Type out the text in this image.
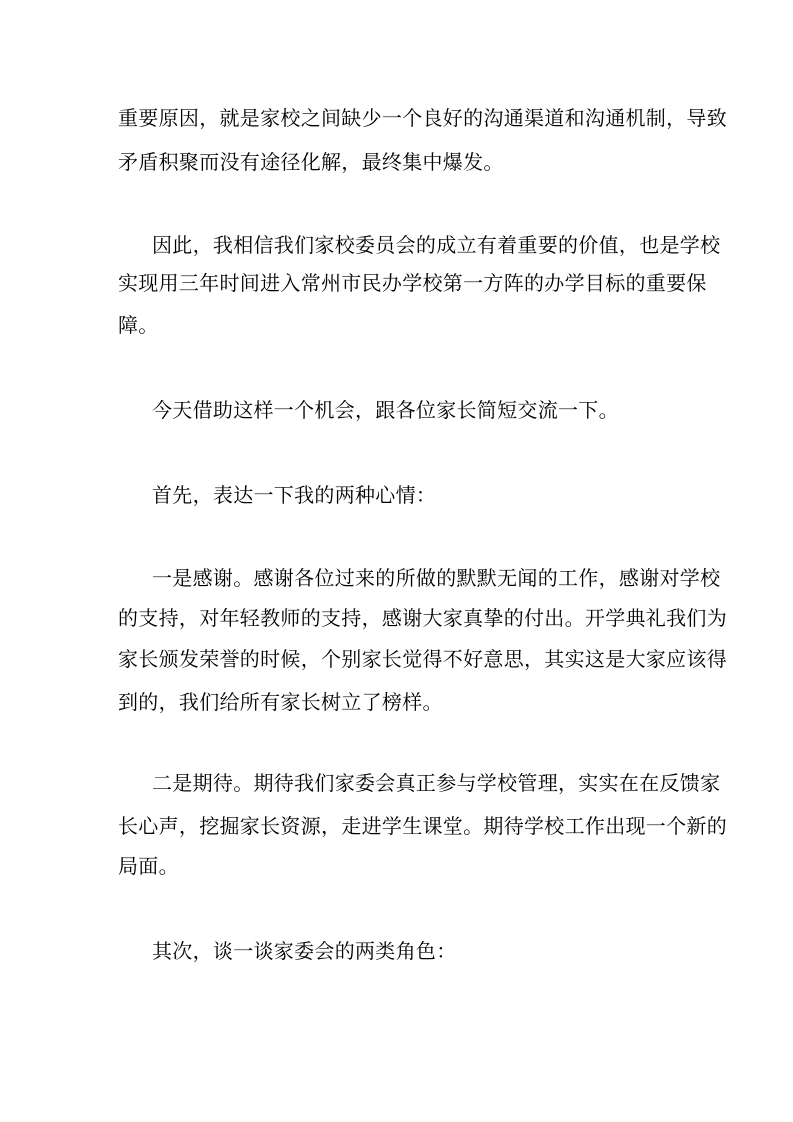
重要原因，就是家校之间缺少一个良好的沟通渠道和沟通机制，导致

矛盾积聚而没有途径化解，最终集中爆发。

因此，我相信我们家校委员会的成立有着重要的价值，也是学校

实现用三年时间进入常州市民办学校第一方阵的办学目标的重要保

障。

今天借助这样一个机会，跟各位家长简短交流一下。

首先，表达一下我的两种心情：

一是感谢。感谢各位过来的所做的默默无闻的工作，感谢对学校

的支持，对年轻教师的支持，感谢大家真挚的付出。开学典礼我们为

家长颁发荣誉的时候，个别家长觉得不好意思，其实这是大家应该得

到的，我们给所有家长树立了榜样。

二是期待。期待我们家委会真正参与学校管理，实实在在反馈家

长心声，挖掘家长资源，走进学生课堂。期待学校工作出现一个新的

局面。

其次，谈一谈家委会的两类角色：
